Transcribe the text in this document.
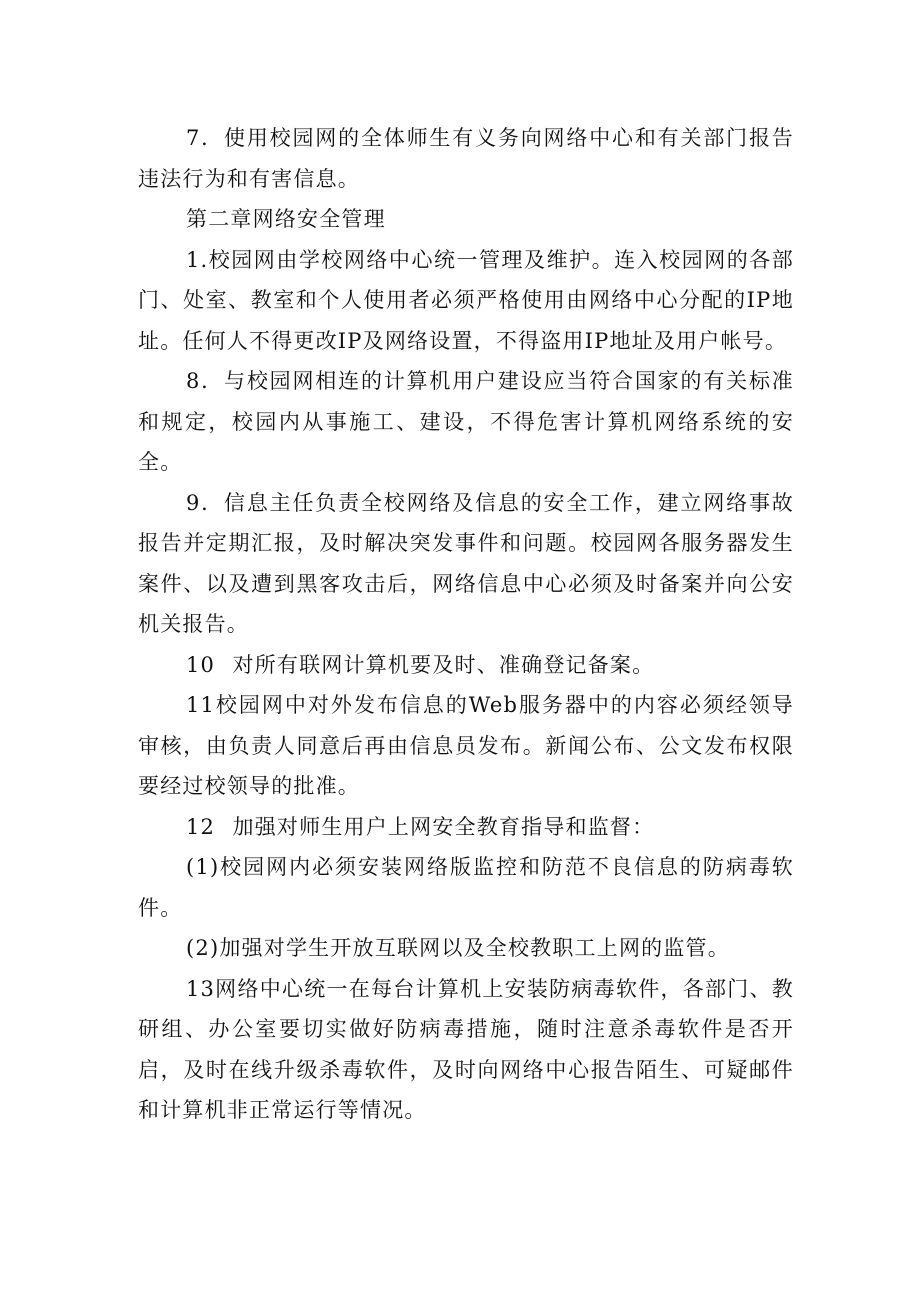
7．使用校园网的全体师生有义务向网络中心和有关部门报告违法行为和有害信息。

第二章网络安全管理

1.校园网由学校网络中心统一管理及维护。连入校园网的各部门、处室、教室和个人使用者必须严格使用由网络中心分配的IP地址。任何人不得更改IP及网络设置，不得盗用IP地址及用户帐号。

8．与校园网相连的计算机用户建设应当符合国家的有关标准和规定，校园内从事施工、建设，不得危害计算机网络系统的安全。

9．信息主任负责全校网络及信息的安全工作，建立网络事故报告并定期汇报，及时解决突发事件和问题。校园网各服务器发生案件、以及遭到黑客攻击后，网络信息中心必须及时备案并向公安机关报告。

10	对所有联网计算机要及时、准确登记备案。

11校园网中对外发布信息的Web服务器中的内容必须经领导审核，由负责人同意后再由信息员发布。新闻公布、公文发布权限要经过校领导的批准。

12	加强对师生用户上网安全教育指导和监督：

(1)校园网内必须安装网络版监控和防范不良信息的防病毒软件。

(2)加强对学生开放互联网以及全校教职工上网的监管。

13网络中心统一在每台计算机上安装防病毒软件，各部门、教研组、办公室要切实做好防病毒措施，随时注意杀毒软件是否开启，及时在线升级杀毒软件，及时向网络中心报告陌生、可疑邮件和计算机非正常运行等情况。
